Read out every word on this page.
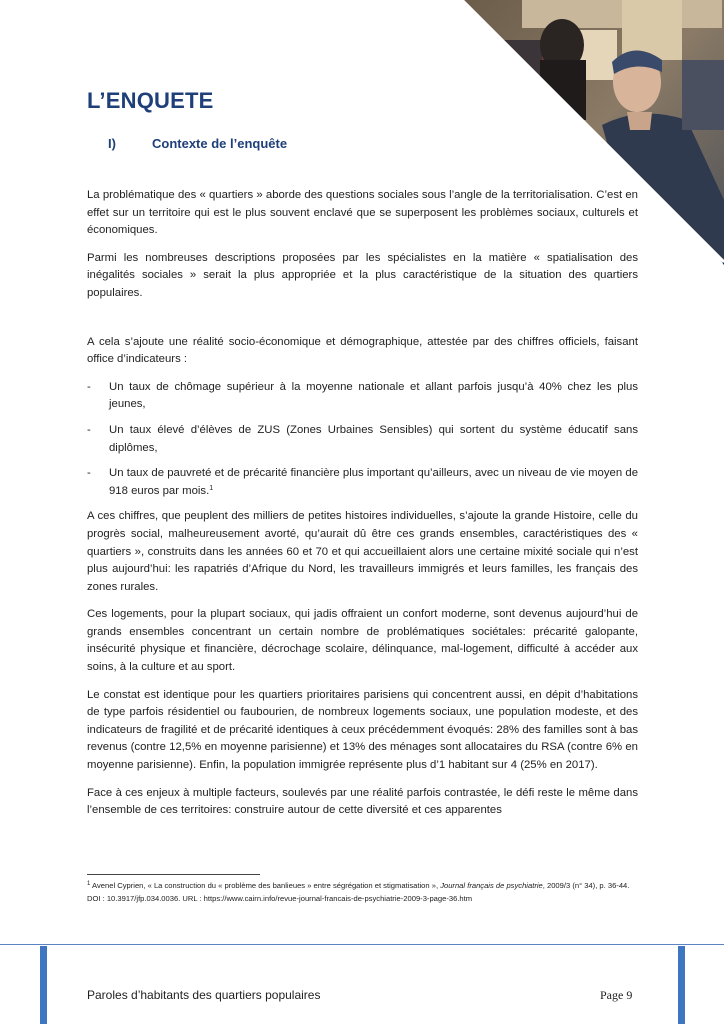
L’ENQUETE
I)	Contexte de l’enquête

La problématique des « quartiers » aborde des questions sociales sous l’angle de la territorialisation. C’est en effet sur un territoire qui est le plus souvent enclavé que se superposent les problèmes sociaux, culturels et économiques.

Parmi les nombreuses descriptions proposées par les spécialistes en la matière « spatialisation des inégalités sociales » serait la plus appropriée et la plus caractéristique de la situation des quartiers populaires.

A cela s’ajoute une réalité socio-économique et démographique, attestée par des chiffres officiels, faisant office d’indicateurs :

- Un taux de chômage supérieur à la moyenne nationale et allant parfois jusqu’à 40% chez les plus jeunes,
- Un taux élevé d’élèves de ZUS (Zones Urbaines Sensibles) qui sortent du système éducatif sans diplômes,
- Un taux de pauvreté et de précarité financière plus important qu’ailleurs, avec un niveau de vie moyen de 918 euros par mois.$^1$

A ces chiffres, que peuplent des milliers de petites histoires individuelles, s’ajoute la grande Histoire, celle du progrès social, malheureusement avorté, qu’aurait dû être ces grands ensembles, caractéristiques des « quartiers », construits dans les années 60 et 70 et qui accueillaient alors une certaine mixité sociale qui n’est plus aujourd’hui: les rapatriés d’Afrique du Nord, les travailleurs immigrés et leurs familles, les français des zones rurales.

Ces logements, pour la plupart sociaux, qui jadis offraient un confort moderne, sont devenus aujourd’hui de grands ensembles concentrant un certain nombre de problématiques sociétales: précarité galopante, insécurité physique et financière, décrochage scolaire, délinquance, mal-logement, difficulté à accéder aux soins, à la culture et au sport.

Le constat est identique pour les quartiers prioritaires parisiens qui concentrent aussi, en dépit d’habitations de type parfois résidentiel ou faubourien, de nombreux logements sociaux, une population modeste, et des indicateurs de fragilité et de précarité identiques à ceux précédemment évoqués: 28% des familles sont à bas revenus (contre 12,5% en moyenne parisienne) et 13% des ménages sont allocataires du RSA (contre 6% en moyenne parisienne). Enfin, la population immigrée représente plus d’1 habitant sur 4 (25% en 2017).

Face à ces enjeux à multiple facteurs, soulevés par une réalité parfois contrastée, le défi reste le même dans l’ensemble de ces territoires: construire autour de cette diversité et ces apparentes

$^1$ Avenel Cyprien, « La construction du « problème des banlieues » entre ségrégation et stigmatisation », Journal français de psychiatrie, 2009/3 (n° 34), p. 36-44. DOI : 10.3917/jfp.034.0036. URL : https://www.cairn.info/revue-journal-francais-de-psychiatrie-2009-3-page-36.htm
Paroles d’habitants des quartiers populaires	Page 9
